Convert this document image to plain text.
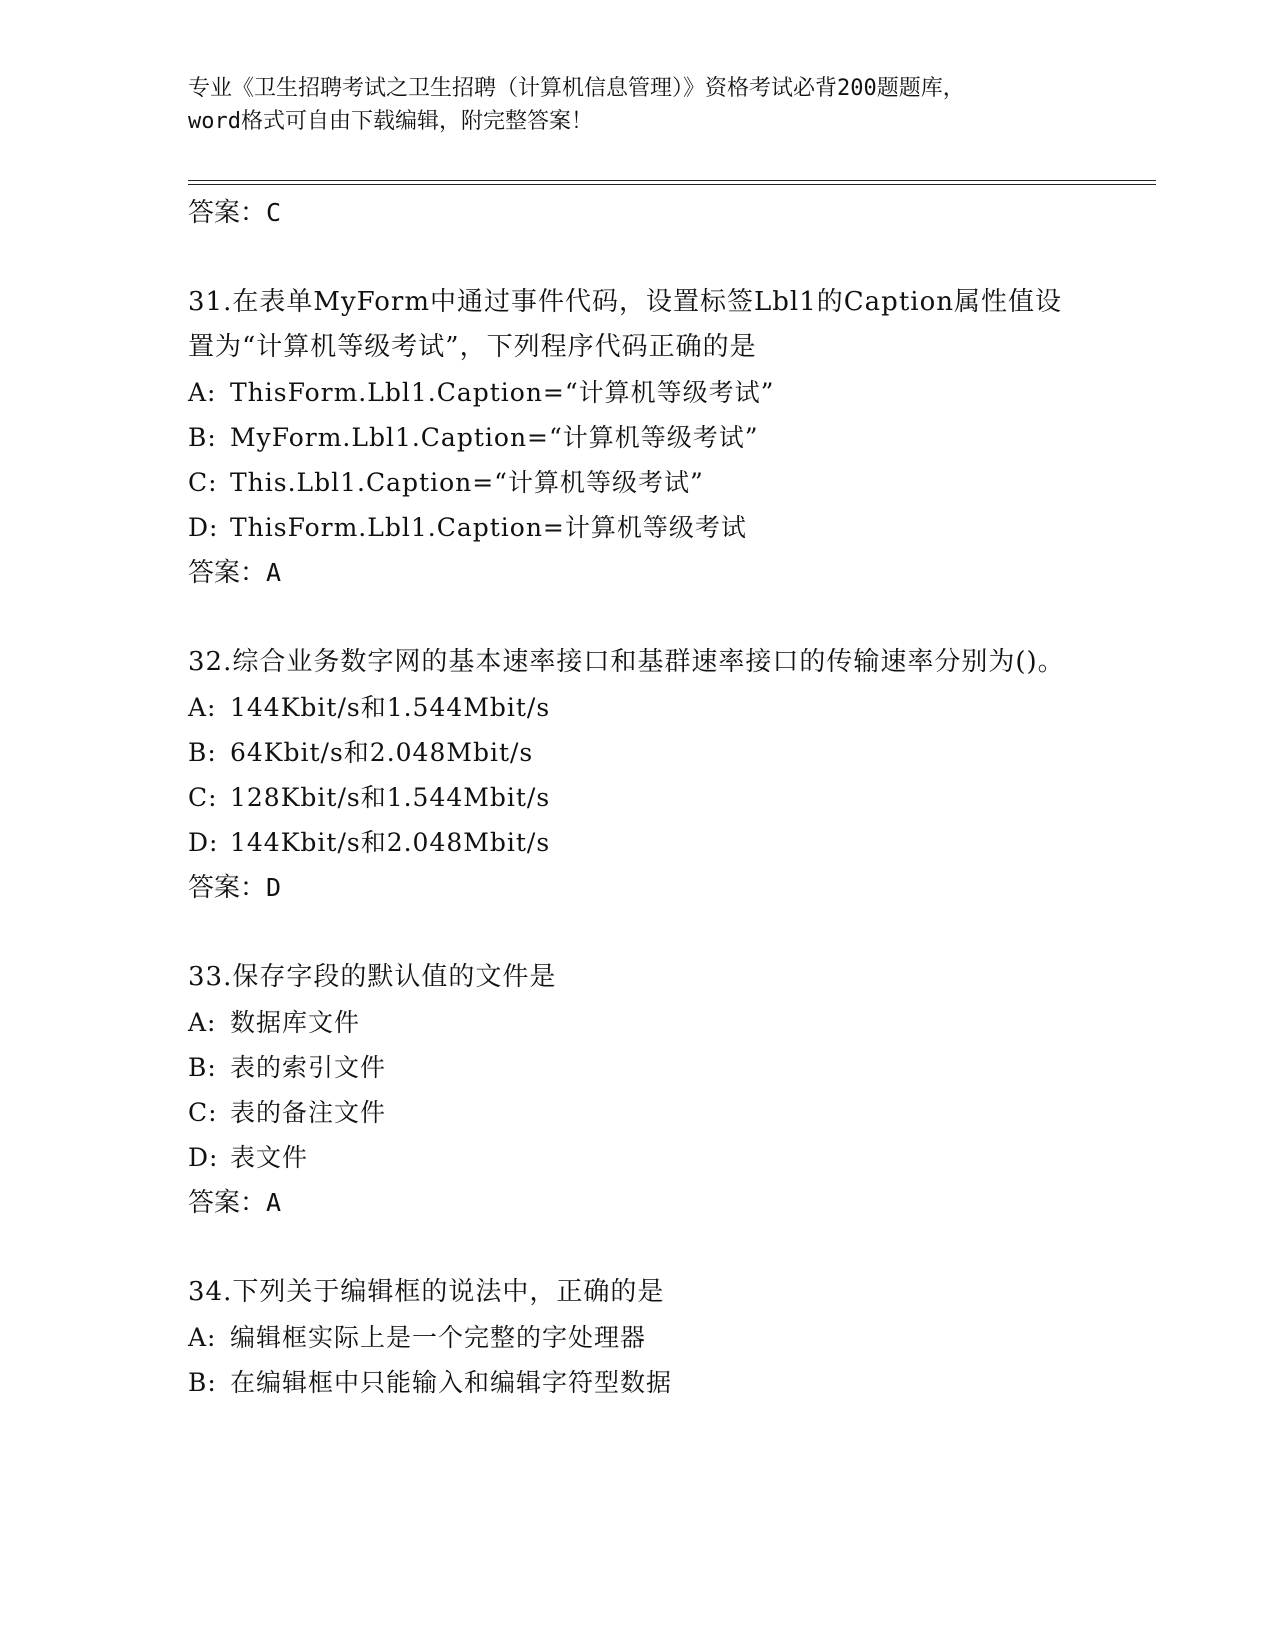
专业《卫生招聘考试之卫生招聘（计算机信息管理）》资格考试必背200题题库，
word格式可自由下载编辑，附完整答案！
答案：C
31.在表单MyForm中通过事件代码，设置标签Lbl1的Caption属性值设置为“计算机等级考试”，下列程序代码正确的是
A: ThisForm.Lbl1.Caption=“计算机等级考试”
B: MyForm.Lbl1.Caption=“计算机等级考试”
C: This.Lbl1.Caption=“计算机等级考试”
D: ThisForm.Lbl1.Caption=计算机等级考试
答案：A
32.综合业务数字网的基本速率接口和基群速率接口的传输速率分别为()。
A: 144Kbit/s和1.544Mbit/s
B: 64Kbit/s和2.048Mbit/s
C: 128Kbit/s和1.544Mbit/s
D: 144Kbit/s和2.048Mbit/s
答案：D
33.保存字段的默认值的文件是
A: 数据库文件
B: 表的索引文件
C: 表的备注文件
D: 表文件
答案：A
34.下列关于编辑框的说法中，正确的是
A: 编辑框实际上是一个完整的字处理器
B: 在编辑框中只能输入和编辑字符型数据
